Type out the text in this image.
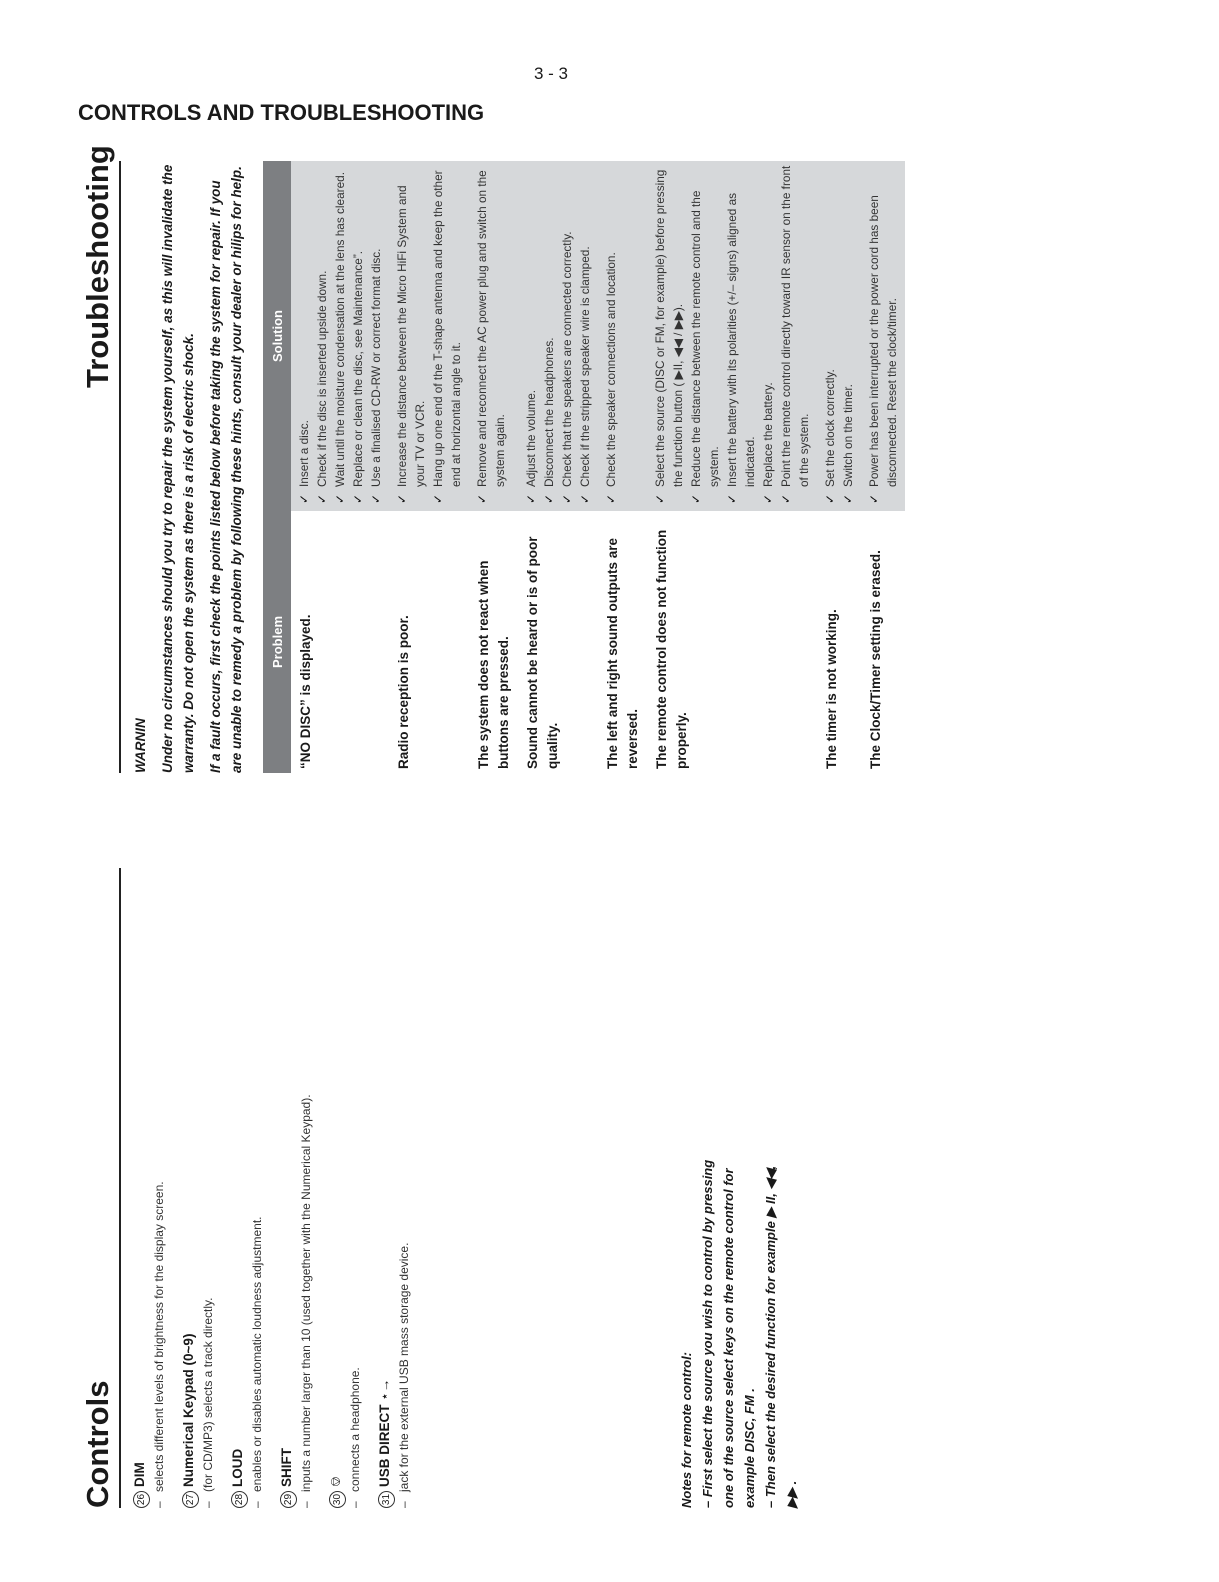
3 - 3
CONTROLS AND TROUBLESHOOTING
Controls
Troubleshooting
26DIM – selects different levels of brightness for the display screen.
27Numerical Keypad (0~9) – (for CD/MP3) selects a track directly.
28LOUD – enables or disables automatic loudness adjustment.
29SHIFT – inputs a number larger than 10 (used together with the Numerical Keypad).
30⎊ – connects a headphone.
31USB DIRECT ⋆→ – jack for the external USB mass storage device.	Notes for remote control: – First select the source you wish to control by pressing one of the source select keys on the remote control for example DISC, FM . – Then select the desired function for example ▶ II, ◀◀, ▶▶ .

WARNIN Under no circumstances should you try to repair the system yourself, as this will invalidate the warranty. Do not open the system as there is a risk of electric shock. If a fault occurs, first check the points listed below before taking the system for repair. If you are unable to remedy a problem by following these hints, consult your dealer or hilips for help.	Problem
Solution
“NO DISC” is displayed.
✓
Insert a disc.
✓
Check if the disc is inserted upside down.
✓
Wait until the moisture condensation at the lens has cleared.
✓
Replace or clean the disc, see Maintenance”.
✓
Use a finalised CD-RW or correct format disc.
Radio reception is poor.
✓
Increase the distance between the Micro HiFi System and your TV or VCR.
✓
Hang up one end of the T-shape antenna and keep the other end at horizontal angle to it.
The system does not react when buttons are pressed.
✓
Remove and reconnect the AC power plug and switch on the system again.
Sound cannot be heard or is of poor quality.
✓
Adjust the volume.
✓
Disconnect the headphones.
✓
Check that the speakers are connected correctly.
✓
Check if the stripped speaker wire is clamped.
The left and right sound outputs are reversed.
✓
Check the speaker connections and location.
The remote control does not function properly.
✓
Select the source (DISC or FM, for example) before pressing the function button ( ▶II, ◀◀ / ▶▶).
✓
Reduce the distance between the remote control and the system.
✓
Insert the battery with its polarities (+/– signs) aligned as indicated.
✓
Replace the battery.
✓
Point the remote control directly toward IR sensor on the front of the system.
The timer is not working.
✓
Set the clock correctly.
✓
Switch on the timer.
The Clock/Timer setting is erased.
✓
Power has been interrupted or the power cord has been disconnected. Reset the clock/timer.
